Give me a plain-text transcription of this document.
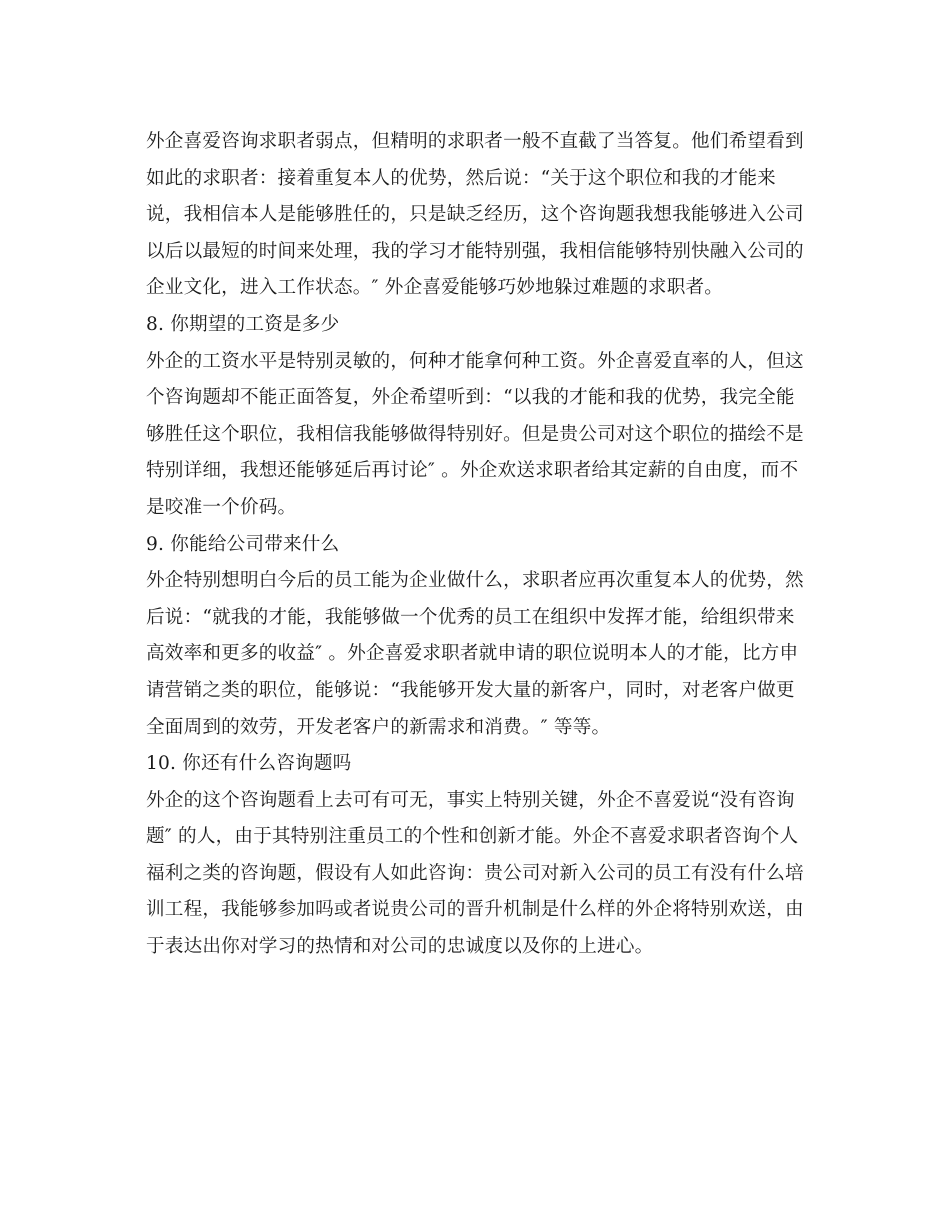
外企喜爱咨询求职者弱点，但精明的求职者一般不直截了当答复。他们希望看到
如此的求职者：接着重复本人的优势，然后说：“关于这个职位和我的才能来
说，我相信本人是能够胜任的，只是缺乏经历，这个咨询题我想我能够进入公司
以后以最短的时间来处理，我的学习才能特别强，我相信能够特别快融入公司的
企业文化，进入工作状态。″ 外企喜爱能够巧妙地躲过难题的求职者。
8. 你期望的工资是多少
外企的工资水平是特别灵敏的，何种才能拿何种工资。外企喜爱直率的人，但这
个咨询题却不能正面答复，外企希望听到：“以我的才能和我的优势，我完全能
够胜任这个职位，我相信我能够做得特别好。但是贵公司对这个职位的描绘不是
特别详细，我想还能够延后再讨论″ 。外企欢送求职者给其定薪的自由度，而不
是咬准一个价码。
9. 你能给公司带来什么
外企特别想明白今后的员工能为企业做什么，求职者应再次重复本人的优势，然
后说：“就我的才能，我能够做一个优秀的员工在组织中发挥才能，给组织带来
高效率和更多的收益″ 。外企喜爱求职者就申请的职位说明本人的才能，比方申
请营销之类的职位，能够说：“我能够开发大量的新客户，同时，对老客户做更
全面周到的效劳，开发老客户的新需求和消费。″ 等等。
10. 你还有什么咨询题吗
外企的这个咨询题看上去可有可无，事实上特别关键，外企不喜爱说“没有咨询
题″ 的人，由于其特别注重员工的个性和创新才能。外企不喜爱求职者咨询个人
福利之类的咨询题，假设有人如此咨询：贵公司对新入公司的员工有没有什么培
训工程，我能够参加吗或者说贵公司的晋升机制是什么样的外企将特别欢送，由
于表达出你对学习的热情和对公司的忠诚度以及你的上进心。
